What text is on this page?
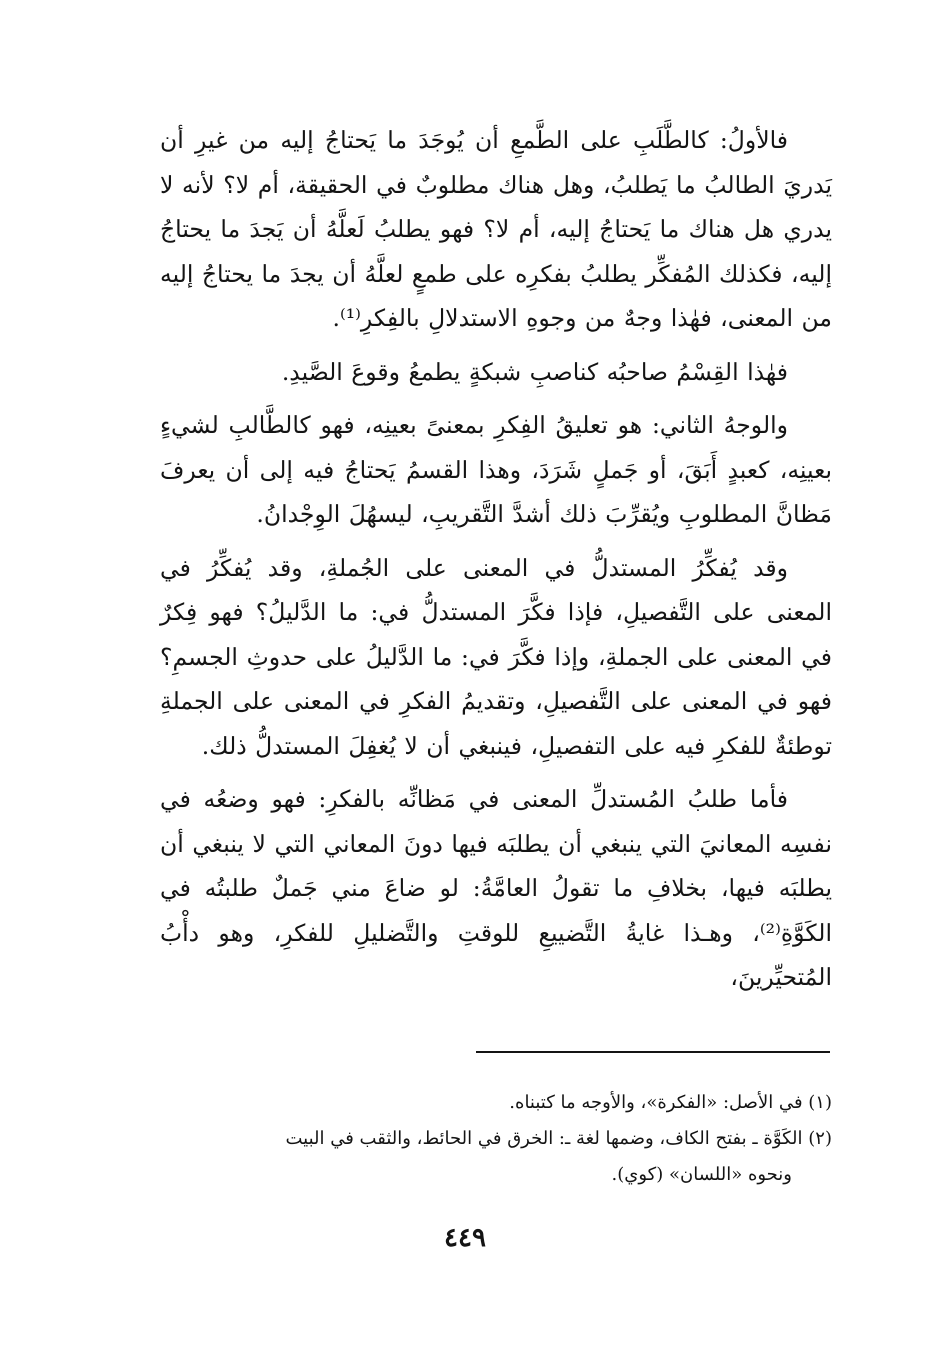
فالأولُ: كالطَّلَبِ على الطَّمعِ أن يُوجَدَ ما يَحتاجُ إليه من غيرِ أن يَدريَ الطالبُ ما يَطلبُ، وهل هناك مطلوبٌ في الحقيقة، أم لا؟ لأنه لا يدري هل هناك ما يَحتاجُ إليه، أم لا؟ فهو يطلبُ لَعلَّهُ أن يَجدَ ما يحتاجُ إليه، فكذلك المُفكِّر يطلبُ بفكرِه على طمعٍ لعلَّهُ أن يجدَ ما يحتاجُ إليه من المعنى، فهٰذا وجهٌ من وجوهِ الاستدلالِ بالفِكرِ⁽¹⁾.

فهٰذا القِسْمُ صاحبُه كناصبِ شبكةٍ يطمعُ وقوعَ الصَّيدِ.

والوجهُ الثاني: هو تعليقُ الفِكرِ بمعنىً بعينِه، فهو كالطَّالبِ لشيءٍ بعينِه، كعبدٍ أَبَقَ، أو جَملٍ شَرَدَ، وهذا القسمُ يَحتاجُ فيه إلى أن يعرفَ مَظانَّ المطلوبِ ويُقرِّبَ ذلك أشدَّ التَّقريبِ، ليسهُلَ الوِجْدانُ.

وقد يُفكِّرُ المستدلُّ في المعنى على الجُملةِ، وقد يُفكِّرُ في المعنى على التَّفصيلِ، فإذا فكَّرَ المستدلُّ في: ما الدَّليلُ؟ فهو فِكرٌ في المعنى على الجملةِ، وإذا فكَّرَ في: ما الدَّليلُ على حدوثِ الجسمِ؟ فهو في المعنى على التَّفصيلِ، وتقديمُ الفكرِ في المعنى على الجملةِ توطئةٌ للفكرِ فيه على التفصيلِ، فينبغي أن لا يُغفِلَ المستدلُّ ذلك.

فأما طلبُ المُستدلِّ المعنى في مَظانِّه بالفكرِ: فهو وضعُه في نفسِه المعانيَ التي ينبغي أن يطلبَه فيها دونَ المعاني التي لا ينبغي أن يطلبَه فيها، بخلافِ ما تقولُ العامَّةُ: لو ضاعَ مني جَملٌ طلبتُه في الكَوَّةِ⁽²⁾، وهـذا غايةُ التَّضييعِ للوقتِ والتَّضليلِ للفكرِ، وهو دأْبُ المُتحيِّرينَ،

(١) في الأصل: «الفكرة»، والأوجه ما كتبناه.

(٢) الكَوَّة ـ بفتح الكاف، وضمها لغة ـ: الخرق في الحائط، والثقب في البيت
ونحوه «اللسان» (كوي).

٤٤٩
